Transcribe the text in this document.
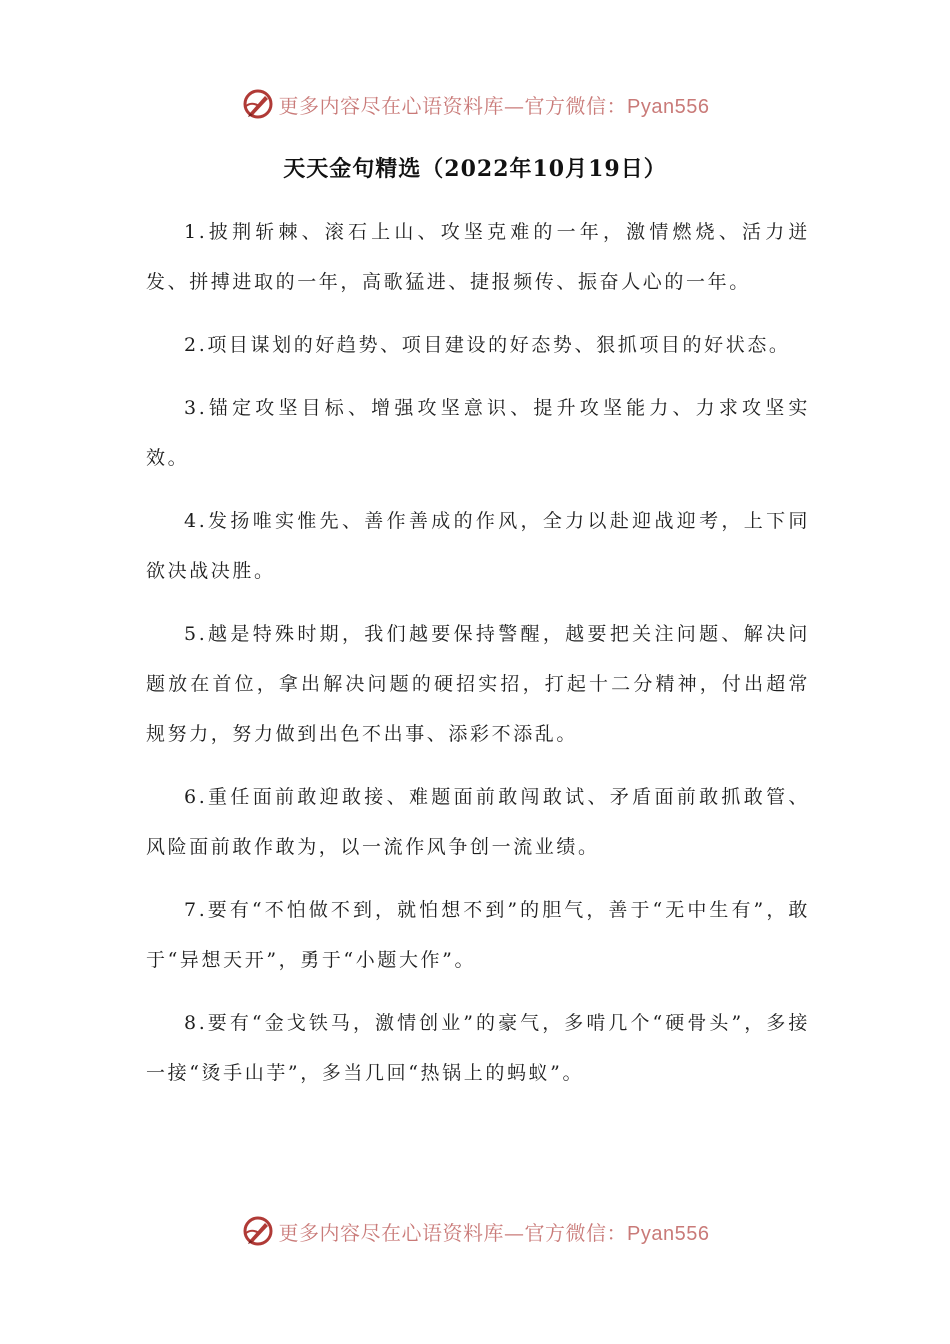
更多内容尽在心语资料库—官方微信：Pyan556
天天金句精选（2022年10月19日）

1.披荆斩棘、滚石上山、攻坚克难的一年，激情燃烧、活力迸发、拼搏进取的一年，高歌猛进、捷报频传、振奋人心的一年。

2.项目谋划的好趋势、项目建设的好态势、狠抓项目的好状态。

3.锚定攻坚目标、增强攻坚意识、提升攻坚能力、力求攻坚实效。

4.发扬唯实惟先、善作善成的作风，全力以赴迎战迎考，上下同欲决战决胜。

5.越是特殊时期，我们越要保持警醒，越要把关注问题、解决问题放在首位，拿出解决问题的硬招实招，打起十二分精神，付出超常规努力，努力做到出色不出事、添彩不添乱。

6.重任面前敢迎敢接、难题面前敢闯敢试、矛盾面前敢抓敢管、风险面前敢作敢为，以一流作风争创一流业绩。

7.要有“不怕做不到，就怕想不到”的胆气，善于“无中生有”，敢于“异想天开”，勇于“小题大作”。

8.要有“金戈铁马，激情创业”的豪气，多啃几个“硬骨头”，多接一接“烫手山芋”，多当几回“热锅上的蚂蚁”。

更多内容尽在心语资料库—官方微信：Pyan556
